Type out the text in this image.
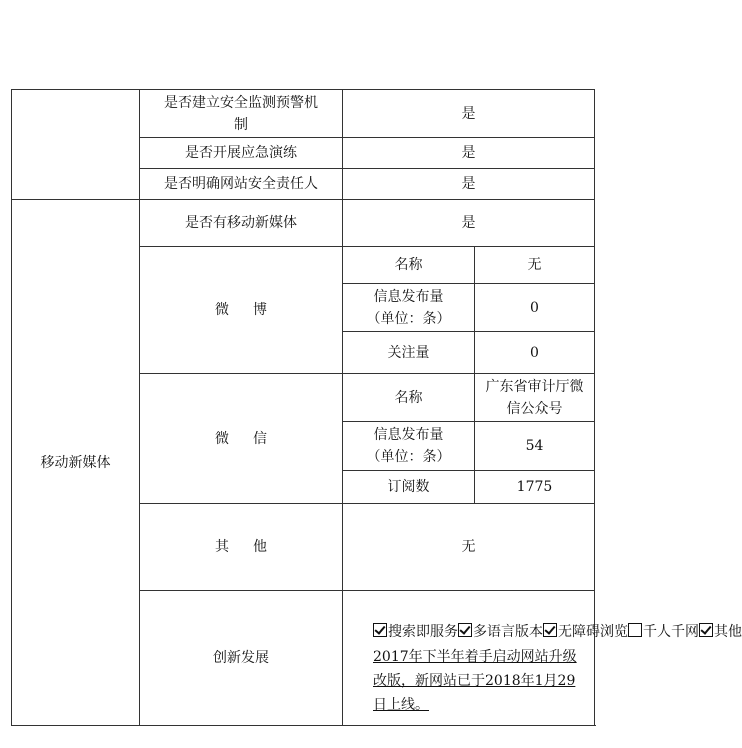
	是否建立安全监测预警机制	是	
	是否开展应急演练	是	
	是否明确网站安全责任人	是	
移动新媒体	是否有移动新媒体	是	
	微博	名称	无

		信息发布量
（单位：条）	0
		关注量	0
	微信	名称	广东省审计厅微信公众号

		信息发布量
（单位：条）	54
		订阅数	1775
	其他	无	
	创新发展	搜索即服务 多语言版本 无障碍浏览 千人千网 其他
2017年下半年着手启动网站升级改版，新网站已于2018年1月29日上线。	
